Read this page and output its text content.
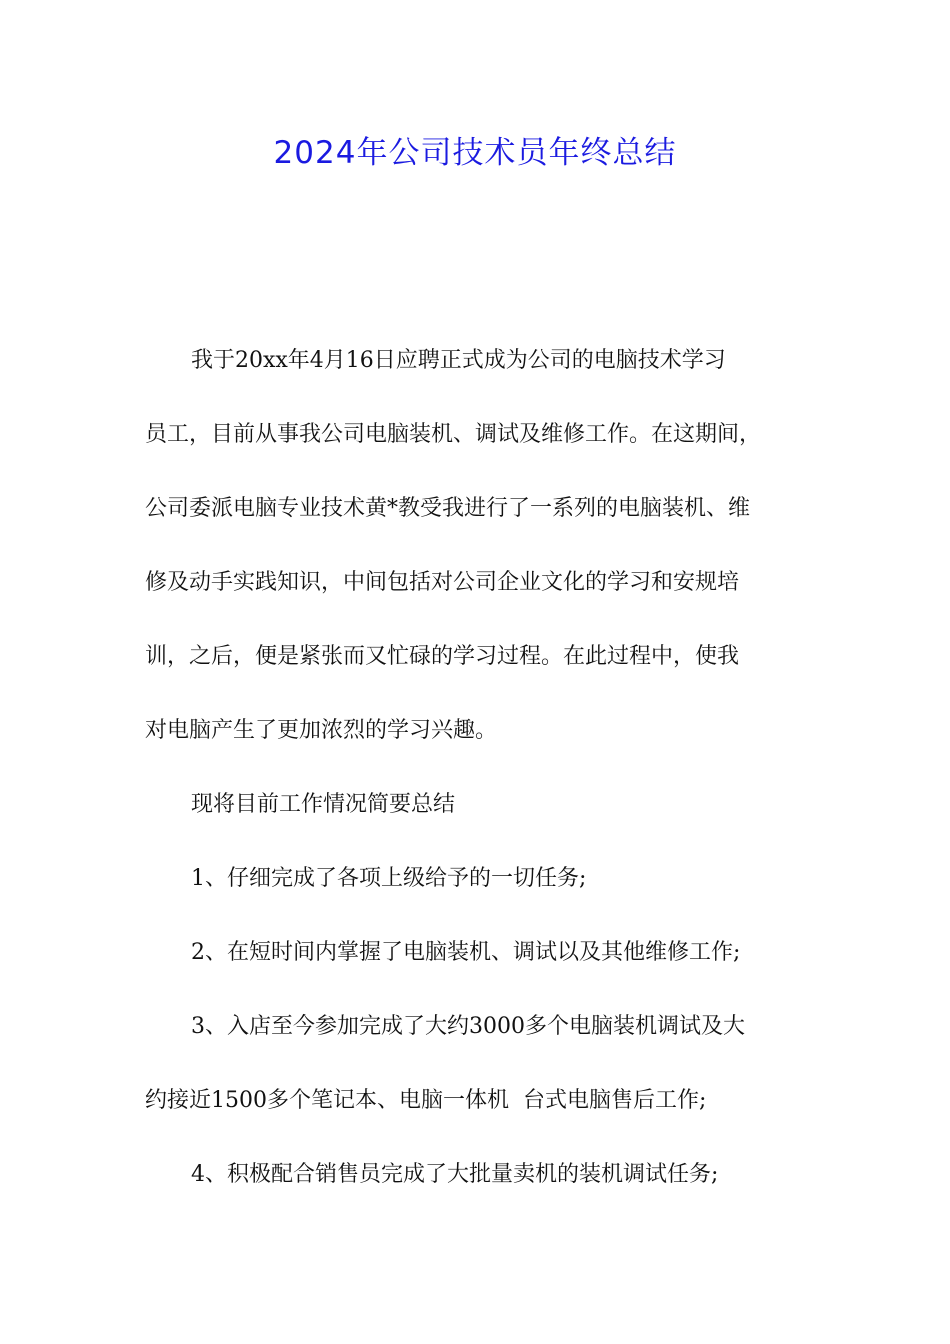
2024年公司技术员年终总结
我于20xx年4月16日应聘正式成为公司的电脑技术学习
员工，目前从事我公司电脑装机、调试及维修工作。在这期间，
公司委派电脑专业技术黄*教受我进行了一系列的电脑装机、维
修及动手实践知识，中间包括对公司企业文化的学习和安规培
训，之后，便是紧张而又忙碌的学习过程。在此过程中，使我
对电脑产生了更加浓烈的学习兴趣。
现将目前工作情况简要总结
1、仔细完成了各项上级给予的一切任务;
2、在短时间内掌握了电脑装机、调试以及其他维修工作;
3、入店至今参加完成了大约3000多个电脑装机调试及大
约接近1500多个笔记本、电脑一体机  台式电脑售后工作;
4、积极配合销售员完成了大批量卖机的装机调试任务;
